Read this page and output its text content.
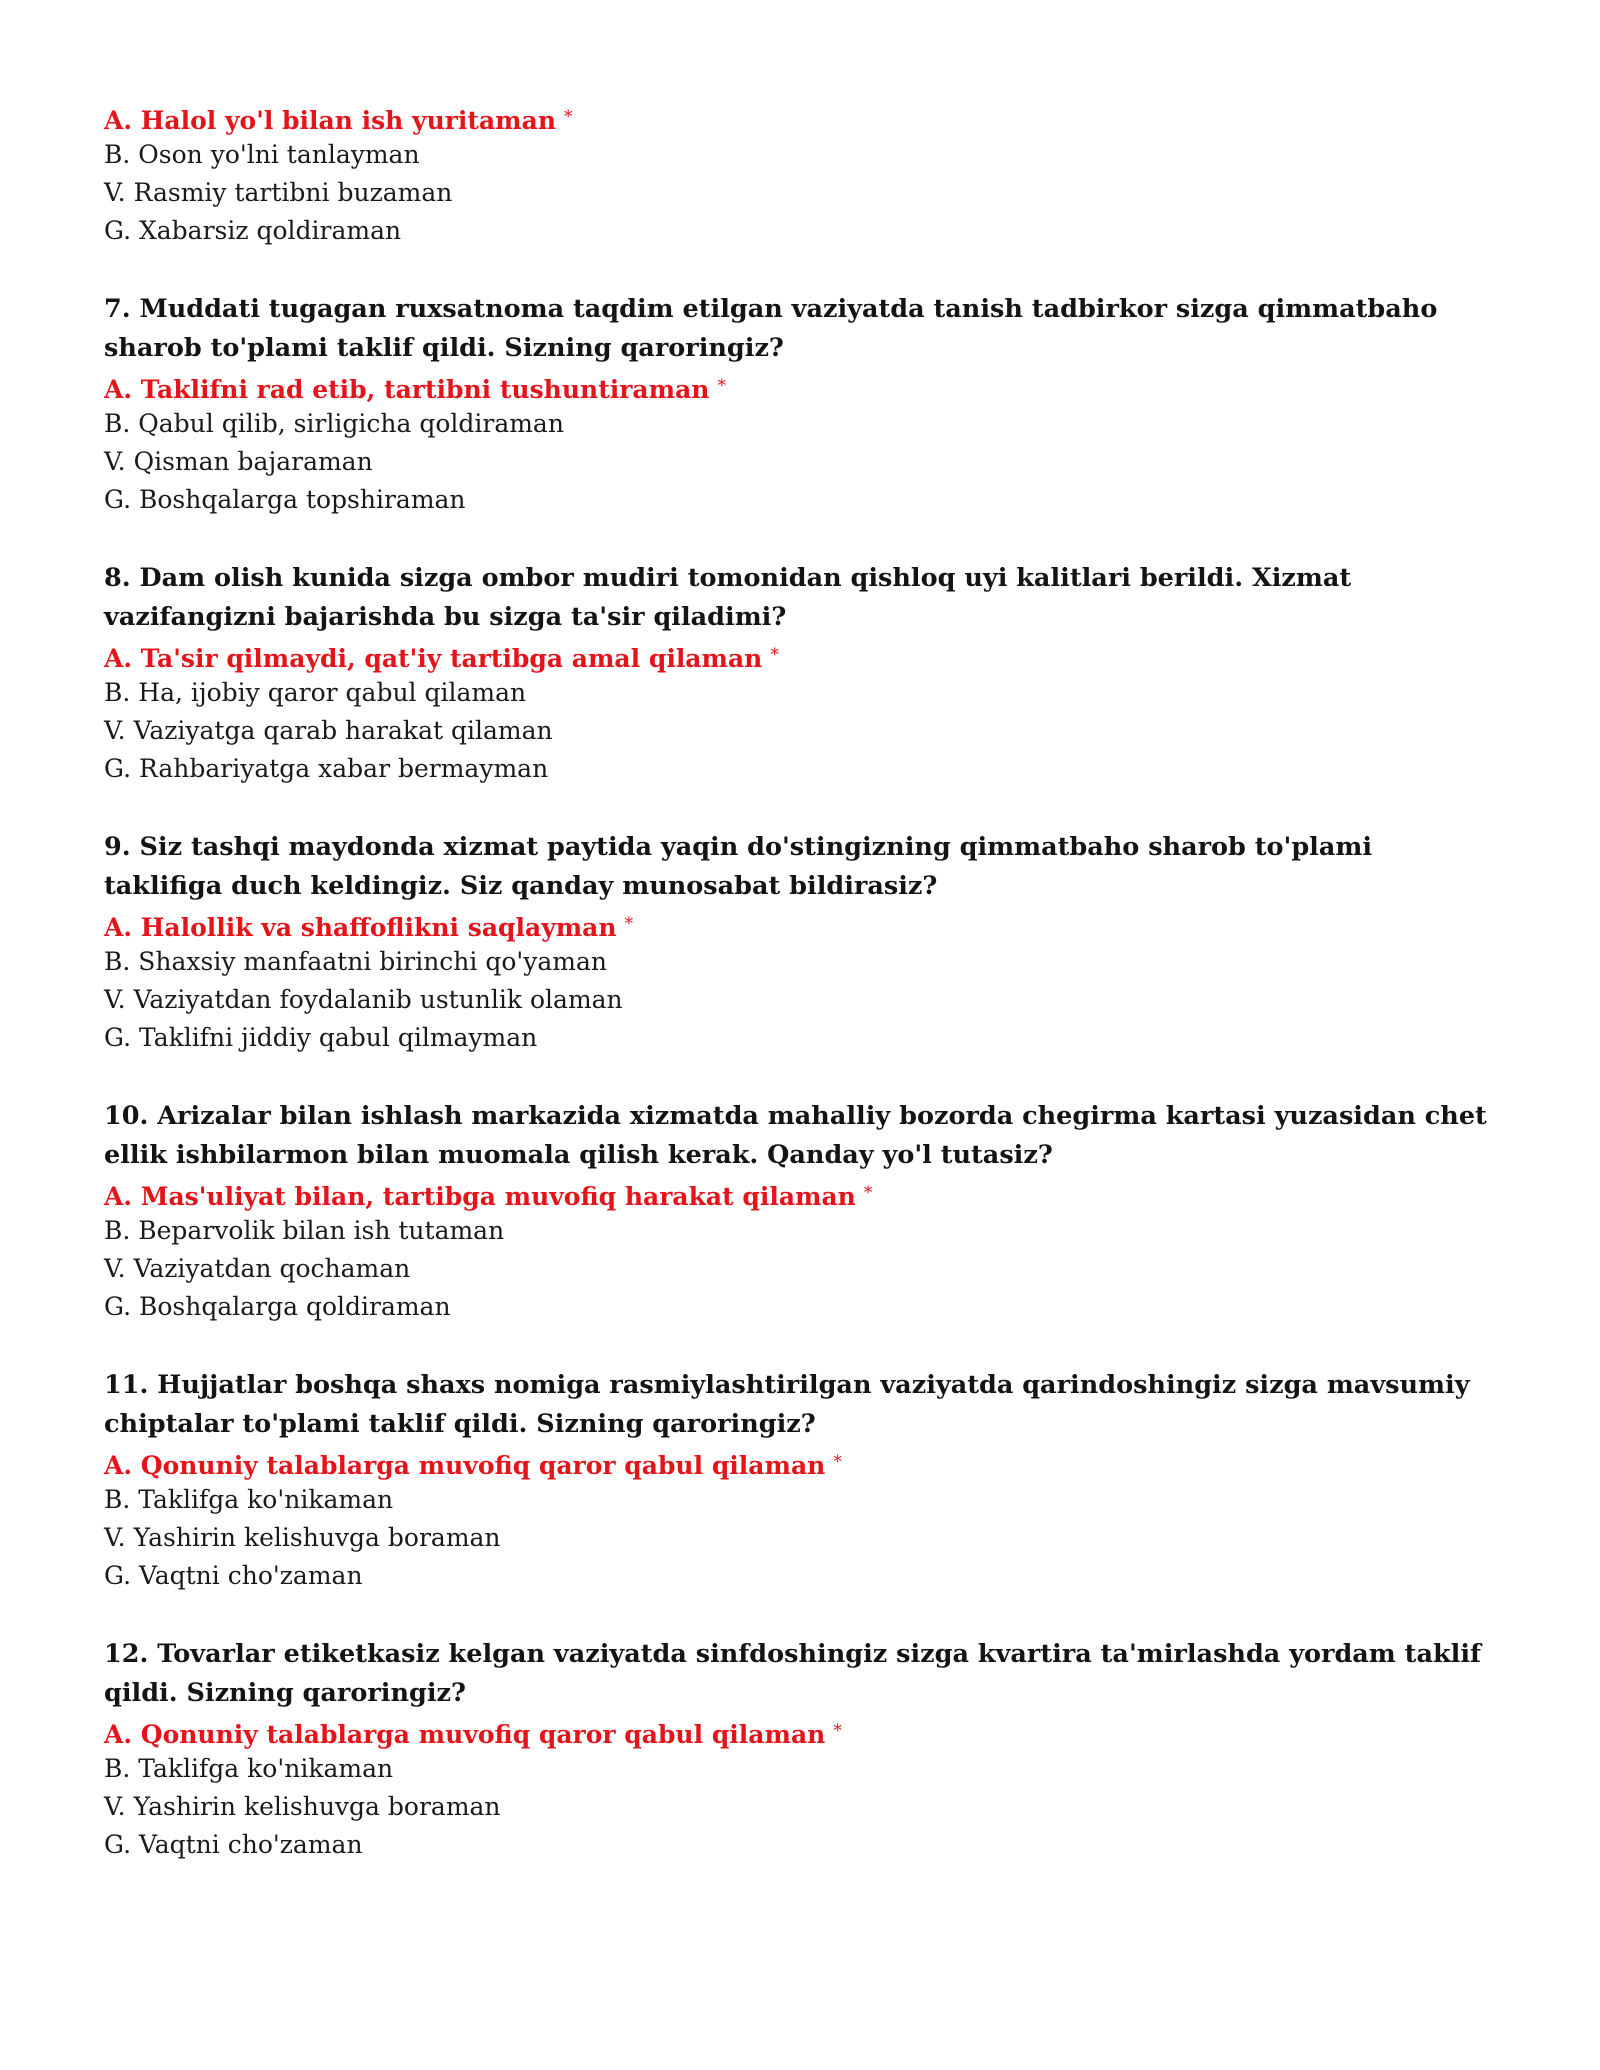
A. Halol yo'l bilan ish yuritaman *
B. Oson yo'lni tanlayman
V. Rasmiy tartibni buzaman
G. Xabarsiz qoldiraman
7. Muddati tugagan ruxsatnoma taqdim etilgan vaziyatda tanish tadbirkor sizga qimmatbaho sharob to'plami taklif qildi. Sizning qaroringiz?
A. Taklifni rad etib, tartibni tushuntiraman *
B. Qabul qilib, sirligicha qoldiraman
V. Qisman bajaraman
G. Boshqalarga topshiraman
8. Dam olish kunida sizga ombor mudiri tomonidan qishloq uyi kalitlari berildi. Xizmat vazifangizni bajarishda bu sizga ta'sir qiladimi?
A. Ta'sir qilmaydi, qat'iy tartibga amal qilaman *
B. Ha, ijobiy qaror qabul qilaman
V. Vaziyatga qarab harakat qilaman
G. Rahbariyatga xabar bermayman
9. Siz tashqi maydonda xizmat paytida yaqin do'stingizning qimmatbaho sharob to'plami taklifiga duch keldingiz. Siz qanday munosabat bildirasiz?
A. Halollik va shaffoflikni saqlayman *
B. Shaxsiy manfaatni birinchi qo'yaman
V. Vaziyatdan foydalanib ustunlik olaman
G. Taklifni jiddiy qabul qilmayman
10. Arizalar bilan ishlash markazida xizmatda mahalliy bozorda chegirma kartasi yuzasidan chet ellik ishbilarmon bilan muomala qilish kerak. Qanday yo'l tutasiz?
A. Mas'uliyat bilan, tartibga muvofiq harakat qilaman *
B. Beparvolik bilan ish tutaman
V. Vaziyatdan qochaman
G. Boshqalarga qoldiraman
11. Hujjatlar boshqa shaxs nomiga rasmiylashtirilgan vaziyatda qarindoshingiz sizga mavsumiy chiptalar to'plami taklif qildi. Sizning qaroringiz?
A. Qonuniy talablarga muvofiq qaror qabul qilaman *
B. Taklifga ko'nikaman
V. Yashirin kelishuvga boraman
G. Vaqtni cho'zaman
12. Tovarlar etiketkasiz kelgan vaziyatda sinfdoshingiz sizga kvartira ta'mirlashda yordam taklif qildi. Sizning qaroringiz?
A. Qonuniy talablarga muvofiq qaror qabul qilaman *
B. Taklifga ko'nikaman
V. Yashirin kelishuvga boraman
G. Vaqtni cho'zaman
